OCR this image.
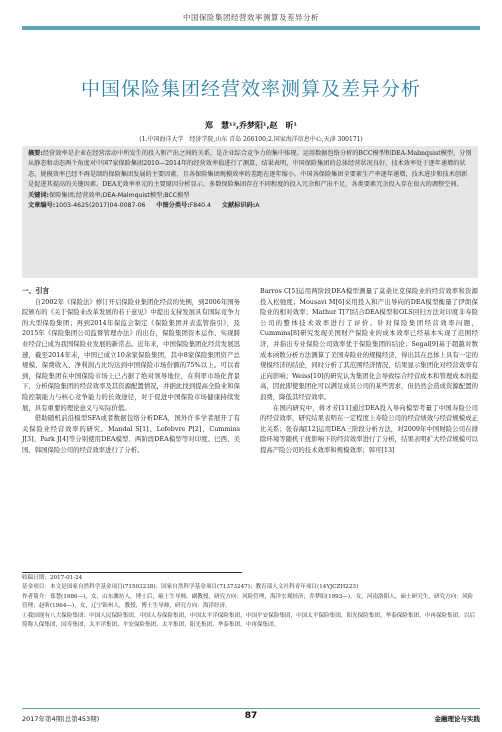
中国保险集团经营效率测算及差异分析
中国保险集团经营效率测算及差异分析
郑　慧¹²,乔梦阳¹,赵　昕¹
(1.中国海洋大学　经济学院,山东 青岛 266100;2.国家海洋信息中心,天津 300171)

摘要:经营效率是企业在经营活动中所发生的投入和产出之间的关系，是企业综合竞争力的集中体现。运用数据包络分析的BCC模型和DEA-Malmquist模型，分别从静态和动态两个角度对中国7家保险集团2010—2014年的经营效率值进行了测算，结果表明，中国保险集团的总体经营状况良好，技术效率处于逐年递增的状态，规模效率已经不再是制约保险集团发展的主要因素，且各保险集团规模效率的差距在逐年缩小。中国各保险集团全要素生产率逐年递增，技术进步和技术创新是促进其提高的关键因素。DEA无效率单元的主要原因分析显示，多数保险集团存在不同程度的投入冗余和产出不足，各类要素冗余投入存在很大的调整空间。

关键词:保险集团;经营效率;DEA-Malmquist模型;BCC模型

文章编号:1003-4625(2017)04-0087-06 中图分类号:F840.4 文献标识码:A

一、引言

自2002年《保险法》修订开启保险业集团化经营的先例，到2006年国务院颁布的《关于保险业改革发展的若干意见》中提出支持发展具有国际竞争力的大型保险集团；再到2014年保监会制定《保险集团并表监管指引》，及2015年《保险集团公司监督管理办法》的出台，保险集团资本运作、实现跨业经营已成为我国保险业发展的新常态。近年来，中国保险集团化经营发展迅速，截至2014年末，中国已成立10余家保险集团，其中8家保险集团资产总规模、保费收入、净利润占比均达到中国保险市场份额的75%以上。可以看到，保险集团在中国保险市场上已占据了绝对领导地位，在利率市场化背景下，分析保险集团的经营效率及其资源配置情况，并据此找到提高全险业和保险控制能力与核心竞争能力的长效途径，对于促进中国保险市场健康持续发展，具有重要的理论意义与实际价值。

借助随机前沿模型SFA或者数据包络分析DEA，国外许多学者展开了有关保险业经营效率的研究。Mandal S[1]、Lefebvre P[2]、Cummins J[3]、Park J[4]等分别使用DEA模型、两阶段DEA模型等对印度、巴西、美国、韩国保险公司的经营效率进行了分析。

Barros C[5]运用两阶段DEA模型测量了莫桑比克保险业的经营效率和资源投入松弛度；Mousavi M[6]采用投入和产出导向的DEA模型衡量了伊朗保险业的相对效率；Mathur T[7]结合DEA模型和OLS回归方法对印度非寿险公司的整体技术效率进行了评价。针对保险集团经营效率问题，Cummins[8]研究发现美国财产保险业的成本效率已经基本实现了范围经济，并指出专业保险公司效率优于保险集团的结论；Segal[9]基于超越对数成本函数分析方法测算了美国寿险业的规模经济，得出其在总体上具有一定的规模经济的结论，同时分析了其范围经济情况，结果显示集团化对经营效率有正向影响；Weiss[10]的研究认为集团化会导致综合经营成本和管理成本的提高，因此即使集团化可以满足成员公司的某些需求，但仍然会造成资源配置的浪费，降低其经营效率。

在国内研究中，蒋才芳[11]通过DEA投入导向模型考量了中国寿险公司的经营效率，研究结果表明在一定程度上寿险公司的经营绩效与经营规模成正比关系；张春海[12]运用DEA三阶段分析方法，对2009年中国财险公司在排除环境等随机干扰影响下的经营效率进行了分析，结果表明扩大经营规模可以提高产险公司的技术效率和规模效率；韩可[13]

收稿日期：2017-01-24

基金项目：本文是国家自然科学基金项目(71503238)；国家自然科学基金项目(71373247)；教育部人文社科青年项目(14YJCZH223)

作者简介：郑慧(1986—)，女，山东潍坊人，博士后，硕士生导师，副教授，研究方向：风险管理，海洋宏观经济；乔梦阳(1993—)，女，河南洛阳人，硕士研究生，研究方向：风险管理；赵昕(1964—)，女，辽宁锦州人，教授，博士生导师，研究方向：海洋经济。

①我国现有八大保险集团：中国人民保险集团，中国人寿保险集团，中国太平洋保险集团，中国平安保险集团，中国太平保险集团，阳光保险集团，华泰保险集团，中再保险集团。以后简称人保集团，国寿集团，太平洋集团，平安保险集团，太平集团，阳光集团，华泰集团，中再保集团。

2017年第4期(总第453期)	87	金融理论与实践
